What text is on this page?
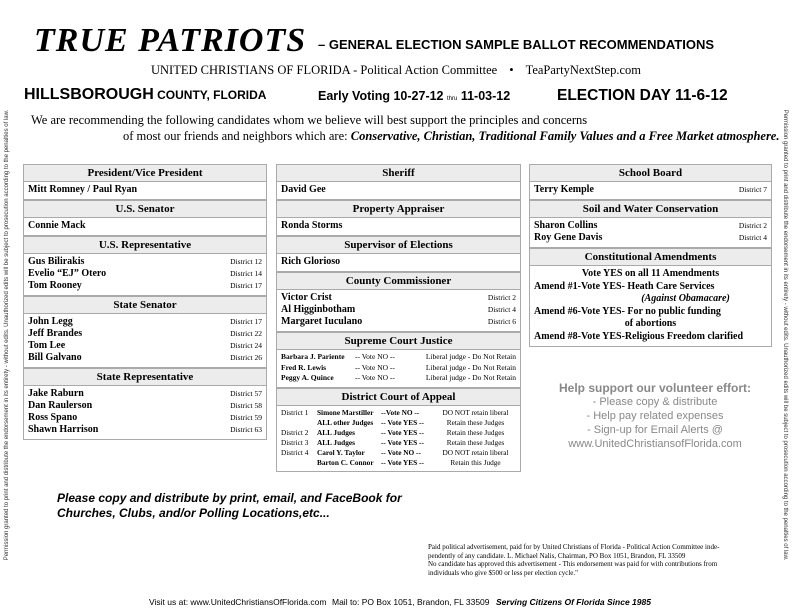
Permission granted to print and distribute the endorsement in its entirety - without edits. Unauthorized edits will be subject to prosecution according to the penalties of law.	Permission granted to print and distribute the endorsement in its entirety - without edits. Unauthorized edits will be subject to prosecution according to the penalties of law.
TRUE PATRIOTS – GENERAL ELECTION SAMPLE BALLOT RECOMMENDATIONS
UNITED CHRISTIANS OF FLORIDA - Political Action Committee • TeaPartyNextStep.com
HILLSBOROUGH COUNTY, FLORIDA	Early Voting 10-27-12 thru 11-03-12	ELECTION DAY 11-6-12
We are recommending the following candidates whom we believe will best support the principles and concerns
of most our friends and neighbors which are: Conservative, Christian, Traditional Family Values and a Free Market atmosphere.
President/Vice President
Mitt Romney / Paul Ryan
U.S. Senator
Connie Mack
U.S. Representative
Gus Bilirakis	District 12
Evelio “EJ” Otero	District 14
Tom Rooney	District 17
State Senator
John Legg	District 17
Jeff Brandes	District 22
Tom Lee	District 24
Bill Galvano	District 26
State Representative
Jake Raburn	District 57
Dan Raulerson	District 58
Ross Spano	District 59
Shawn Harrison	District 63
Sheriff
David Gee
Property Appraiser
Ronda Storms
Supervisor of Elections
Rich Glorioso
County Commissioner
Victor Crist	District 2
Al Higginbotham	District 4
Margaret Iuculano	District 6
Supreme Court Justice
Barbara J. Pariente	-- Vote NO --	Liberal judge - Do Not Retain
Fred R. Lewis	-- Vote NO --	Liberal judge - Do Not Retain
Peggy A. Quince	-- Vote NO --	Liberal judge - Do Not Retain
District Court of Appeal
District 1	Simone Marstiller	--Vote NO --	DO NOT retain liberal
ALL other Judges	-- Vote YES --	Retain these Judges
District 2	ALL Judges	-- Vote YES --	Retain these Judges
District 3	ALL Judges	-- Vote YES --	Retain these Judges
District 4	Carol Y. Taylor	-- Vote NO --	DO NOT retain liberal
Barton C. Connor	-- Vote YES --	Retain this Judge
School Board
Terry Kemple	District 7
Soil and Water Conservation
Sharon Collins	District 2
Roy Gene Davis	District 4
Constitutional Amendments
Vote YES on all 11 Amendments
Amend #1-Vote YES- Heath Care Services
(Against Obamacare)
Amend #6-Vote YES- For no public funding
of abortions
Amend #8-Vote YES-Religious Freedom clarified
Help support our volunteer effort:
- Please copy & distribute
- Help pay related expenses
- Sign-up for Email Alerts @
www.UnitedChristiansofFlorida.com
Please copy and distribute by print, email, and FaceBook for Churches, Clubs, and/or Polling Locations,etc...
Paid political advertisement, paid for by United Christians of Florida - Political Action Committee inde-
pendently of any candidate. L. Michael Nalis, Chairman, PO Box 1051, Brandon, FL 33509
No candidate has approved this advertisement - This endorsement was paid for with contributions from
individuals who give $500 or less per election cycle."
Visit us at: www.UnitedChristiansOfFlorida.com Mail to: PO Box 1051, Brandon, FL 33509 Serving Citizens Of Florida Since 1985
